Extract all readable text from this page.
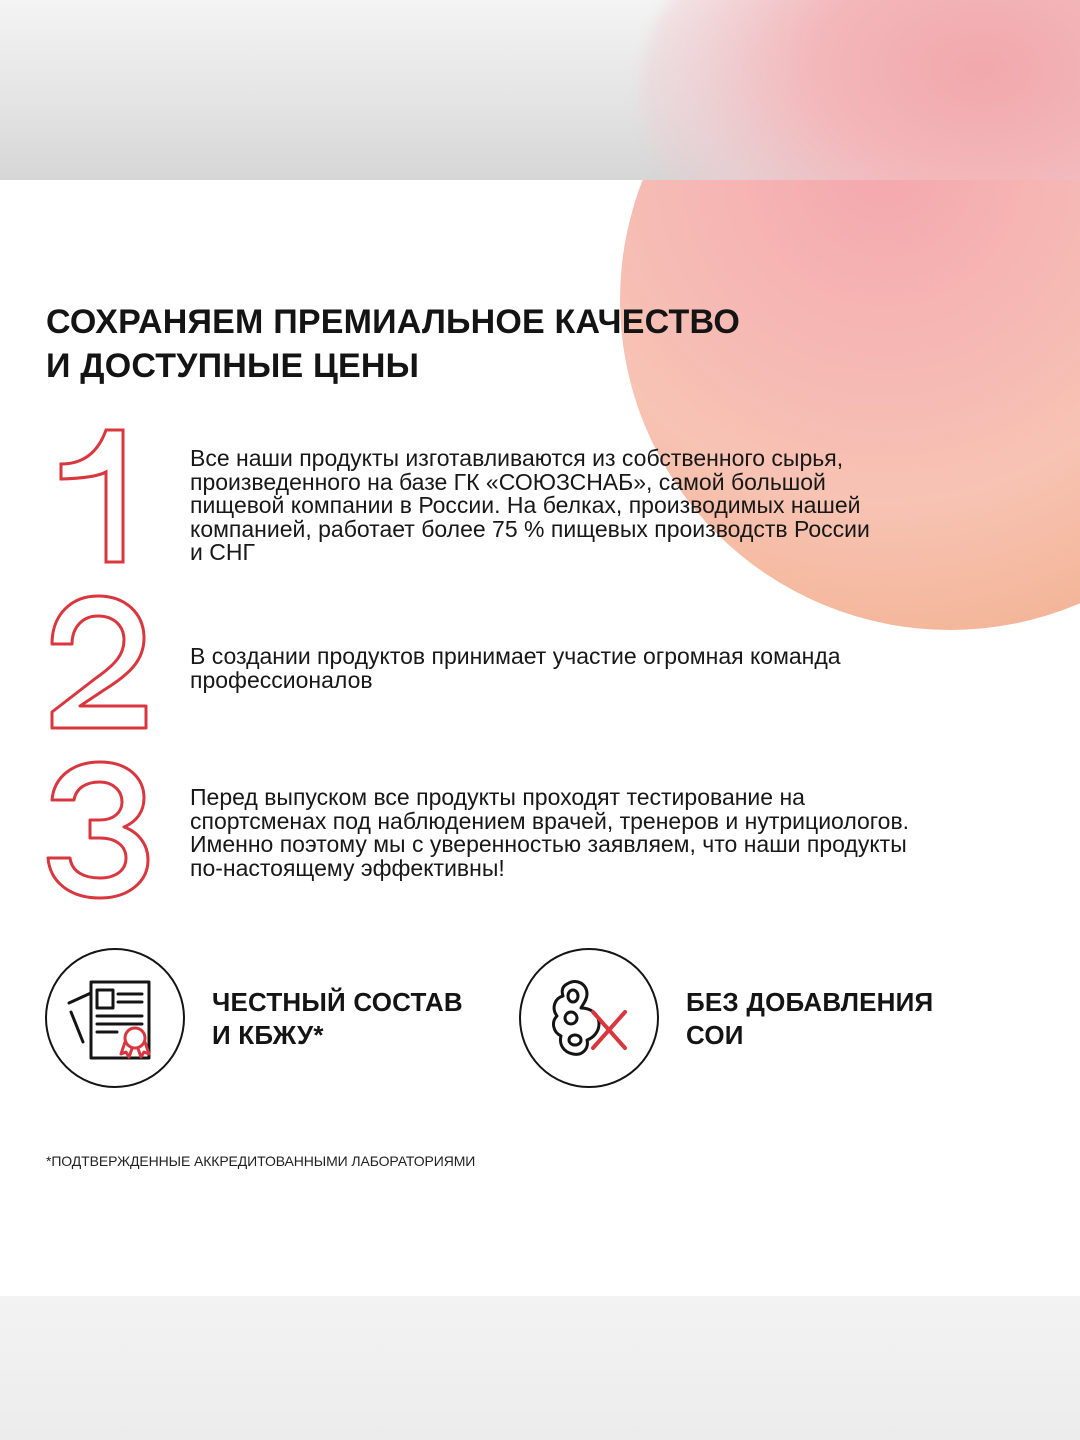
СОХРАНЯЕМ ПРЕМИАЛЬНОЕ КАЧЕСТВО
И ДОСТУПНЫЕ ЦЕНЫ
Все наши продукты изготавливаются из собственного сырья,
произведенного на базе ГК «СОЮЗСНАБ», самой большой
пищевой компании в России. На белках, производимых нашей
компанией, работает более 75 % пищевых производств России
и СНГ
В создании продуктов принимает участие огромная команда
профессионалов
Перед выпуском все продукты проходят тестирование на
спортсменах под наблюдением врачей, тренеров и нутрициологов.
Именно поэтому мы с уверенностью заявляем, что наши продукты
по-настоящему эффективны!

ЧЕСТНЫЙ СОСТАВ
И КБЖУ*

БЕЗ ДОБАВЛЕНИЯ
СОИ

*ПОДТВЕРЖДЕННЫЕ АККРЕДИТОВАННЫМИ ЛАБОРАТОРИЯМИ
